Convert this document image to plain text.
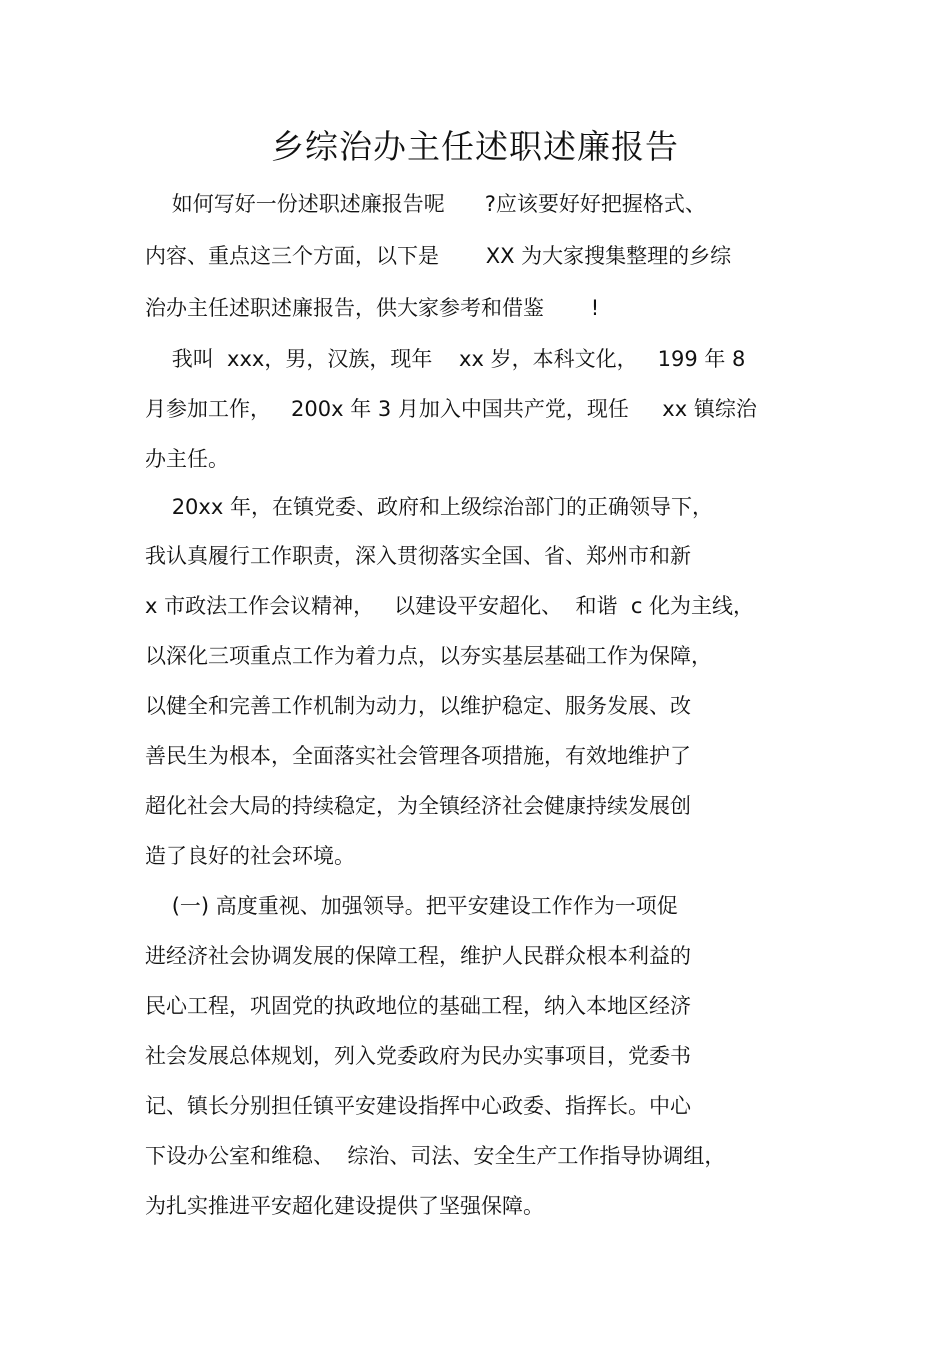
乡综治办主任述职述廉报告
如何写好一份述职述廉报告呢      ?应该要好好把握格式、
内容、重点这三个方面，以下是       XX 为大家搜集整理的乡综
治办主任述职述廉报告，供大家参考和借鉴       !
我叫  xxx，男，汉族，现年    xx 岁，本科文化，   199 年 8
月参加工作，   200x 年 3 月加入中国共产党，现任     xx 镇综治
办主任。
20xx 年，在镇党委、政府和上级综治部门的正确领导下，
我认真履行工作职责，深入贯彻落实全国、省、郑州市和新
x 市政法工作会议精神，   以建设平安超化、  和谐  c 化为主线，
以深化三项重点工作为着力点，以夯实基层基础工作为保障，
以健全和完善工作机制为动力，以维护稳定、服务发展、改
善民生为根本，全面落实社会管理各项措施，有效地维护了
超化社会大局的持续稳定，为全镇经济社会健康持续发展创
造了良好的社会环境。
(一) 高度重视、加强领导。把平安建设工作作为一项促
进经济社会协调发展的保障工程，维护人民群众根本利益的
民心工程，巩固党的执政地位的基础工程，纳入本地区经济
社会发展总体规划，列入党委政府为民办实事项目，党委书
记、镇长分别担任镇平安建设指挥中心政委、指挥长。中心
下设办公室和维稳、  综治、司法、安全生产工作指导协调组，
为扎实推进平安超化建设提供了坚强保障。
